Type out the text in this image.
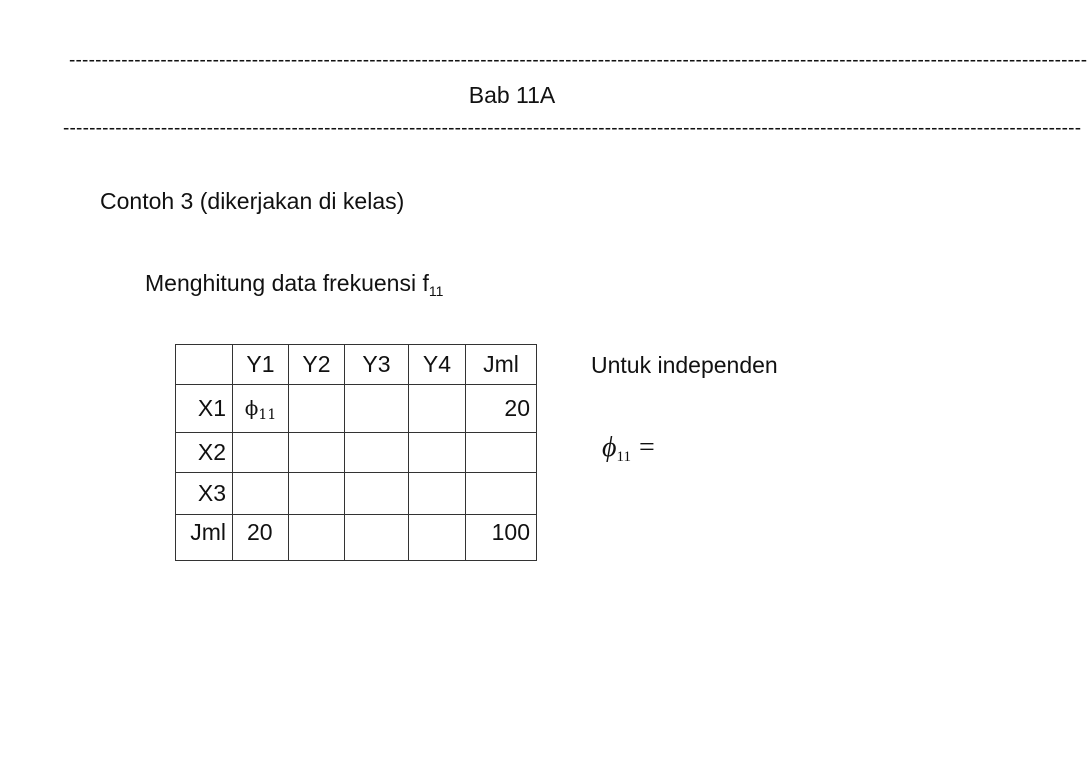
------------------------------------------------------------------------------------------------------------------------------------------------------------
Bab 11A
------------------------------------------------------------------------------------------------------------------------------------------------------------
Contoh 3 (dikerjakan di kelas)
Menghitung data frekuensi $f_{11}$
	Y1	Y2	Y3	Y4	Jml
X1	$\phi_{11}$				20
X2					
X3					
Jml	20				100
Untuk independen
$\phi_{11}$ =
